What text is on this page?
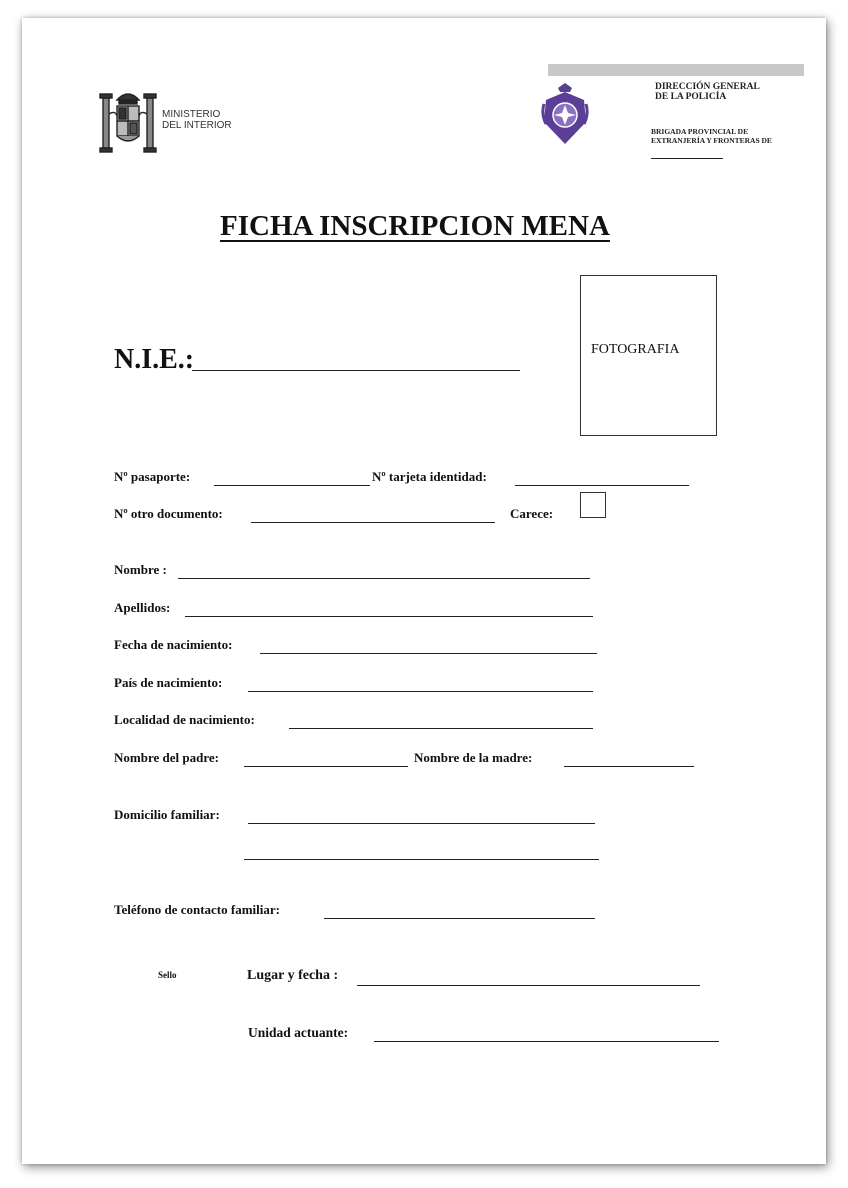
MINISTERIO
DEL INTERIOR
DIRECCIÓN GENERAL
DE LA POLICÍA
BRIGADA PROVINCIAL DE
EXTRANJERÍA Y FRONTERAS DE
FICHA INSCRIPCION MENA
N.I.E.:	FOTOGRAFIA
Nº pasaporte:	Nº tarjeta identidad:
Nº otro documento:	Carece:
Nombre :
Apellidos:
Fecha de nacimiento:
País de nacimiento:
Localidad de nacimiento:
Nombre del padre:	Nombre de la madre:
Domicilio familiar:
Teléfono de contacto familiar:
Sello	Lugar y fecha :
Unidad actuante:
